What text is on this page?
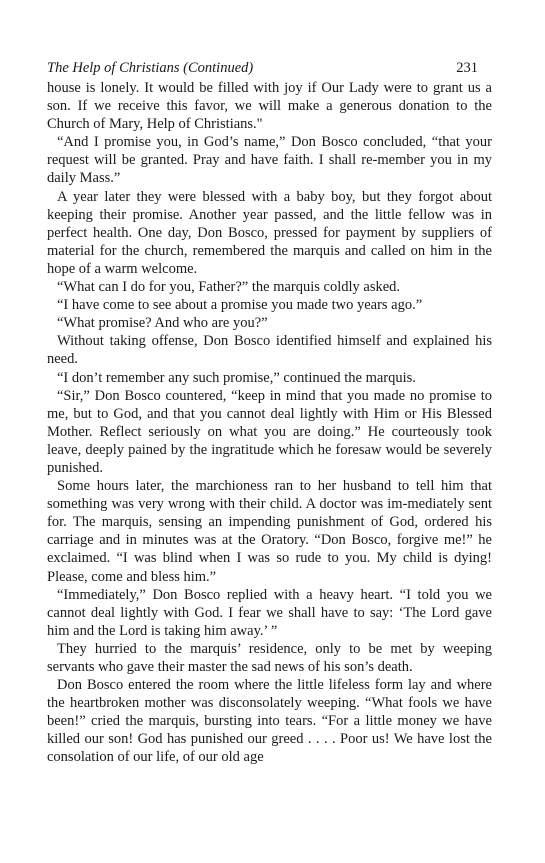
The Help of Christians (Continued)	231

house is lonely. It would be filled with joy if Our Lady were to grant us a son. If we receive this favor, we will make a generous donation to the Church of Mary, Help of Christians."

“And I promise you, in God’s name,” Don Bosco concluded, “that your request will be granted. Pray and have faith. I shall re-member you in my daily Mass.”

A year later they were blessed with a baby boy, but they forgot about keeping their promise. Another year passed, and the little fellow was in perfect health. One day, Don Bosco, pressed for payment by suppliers of material for the church, remembered the marquis and called on him in the hope of a warm welcome.

“What can I do for you, Father?” the marquis coldly asked.

“I have come to see about a promise you made two years ago.”

“What promise? And who are you?”

Without taking offense, Don Bosco identified himself and explained his need.

“I don’t remember any such promise,” continued the marquis.

“Sir,” Don Bosco countered, “keep in mind that you made no promise to me, but to God, and that you cannot deal lightly with Him or His Blessed Mother. Reflect seriously on what you are doing.” He courteously took leave, deeply pained by the ingratitude which he foresaw would be severely punished.

Some hours later, the marchioness ran to her husband to tell him that something was very wrong with their child. A doctor was im-mediately sent for. The marquis, sensing an impending punishment of God, ordered his carriage and in minutes was at the Oratory. “Don Bosco, forgive me!” he exclaimed. “I was blind when I was so rude to you. My child is dying! Please, come and bless him.”

“Immediately,” Don Bosco replied with a heavy heart. “I told you we cannot deal lightly with God. I fear we shall have to say: ‘The Lord gave him and the Lord is taking him away.’ ”

They hurried to the marquis’ residence, only to be met by weeping servants who gave their master the sad news of his son’s death.

Don Bosco entered the room where the little lifeless form lay and where the heartbroken mother was disconsolately weeping. “What fools we have been!” cried the marquis, bursting into tears. “For a little money we have killed our son! God has punished our greed . . . . Poor us! We have lost the consolation of our life, of our old age
